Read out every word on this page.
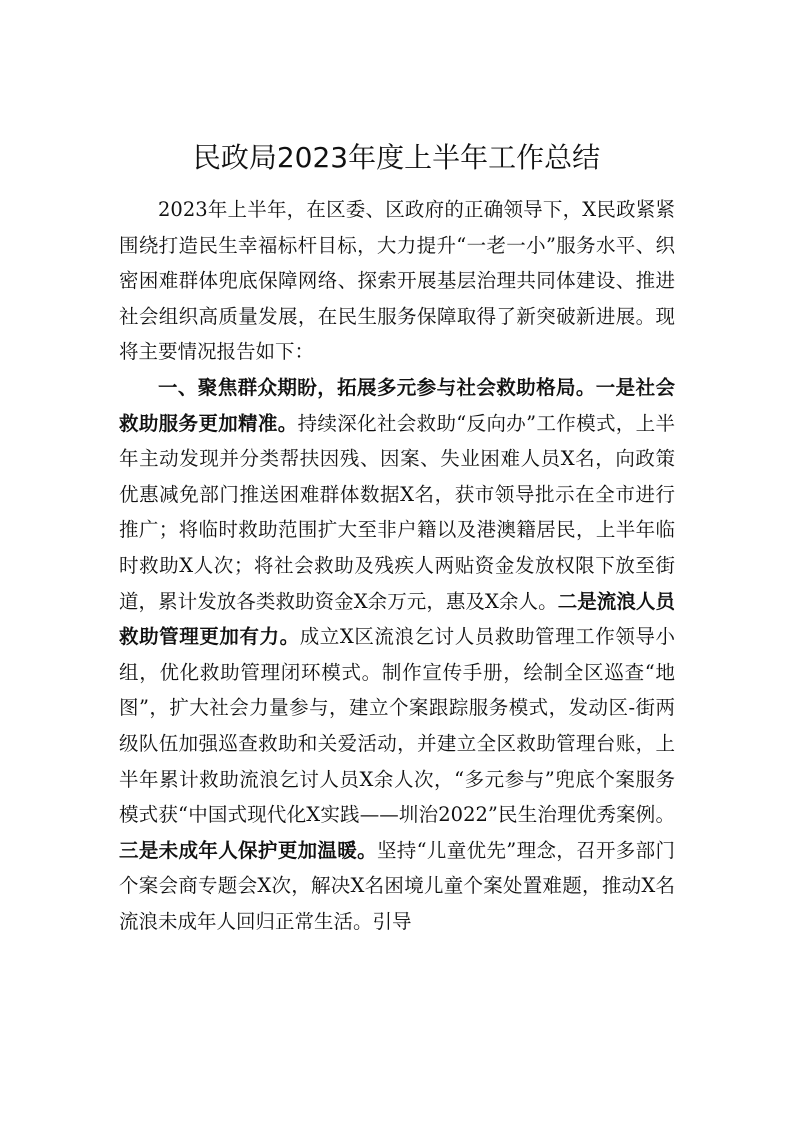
民政局2023年度上半年工作总结

2023年上半年，在区委、区政府的正确领导下，X民政紧紧围绕打造民生幸福标杆目标，大力提升“一老一小”服务水平、织密困难群体兜底保障网络、探索开展基层治理共同体建设、推进社会组织高质量发展，在民生服务保障取得了新突破新进展。现将主要情况报告如下：

一、聚焦群众期盼，拓展多元参与社会救助格局。一是社会救助服务更加精准。持续深化社会救助“反向办”工作模式，上半年主动发现并分类帮扶因残、因案、失业困难人员X名，向政策优惠减免部门推送困难群体数据X名，获市领导批示在全市进行推广；将临时救助范围扩大至非户籍以及港澳籍居民，上半年临时救助X人次；将社会救助及残疾人两贴资金发放权限下放至街道，累计发放各类救助资金X余万元，惠及X余人。二是流浪人员救助管理更加有力。成立X区流浪乞讨人员救助管理工作领导小组，优化救助管理闭环模式。制作宣传手册，绘制全区巡查“地图”，扩大社会力量参与，建立个案跟踪服务模式，发动区-街两级队伍加强巡查救助和关爱活动，并建立全区救助管理台账，上半年累计救助流浪乞讨人员X余人次，“多元参与”兜底个案服务模式获“中国式现代化X实践——圳治2022”民生治理优秀案例。三是未成年人保护更加温暖。坚持“儿童优先”理念，召开多部门个案会商专题会X次，解决X名困境儿童个案处置难题，推动X名流浪未成年人回归正常生活。引导
